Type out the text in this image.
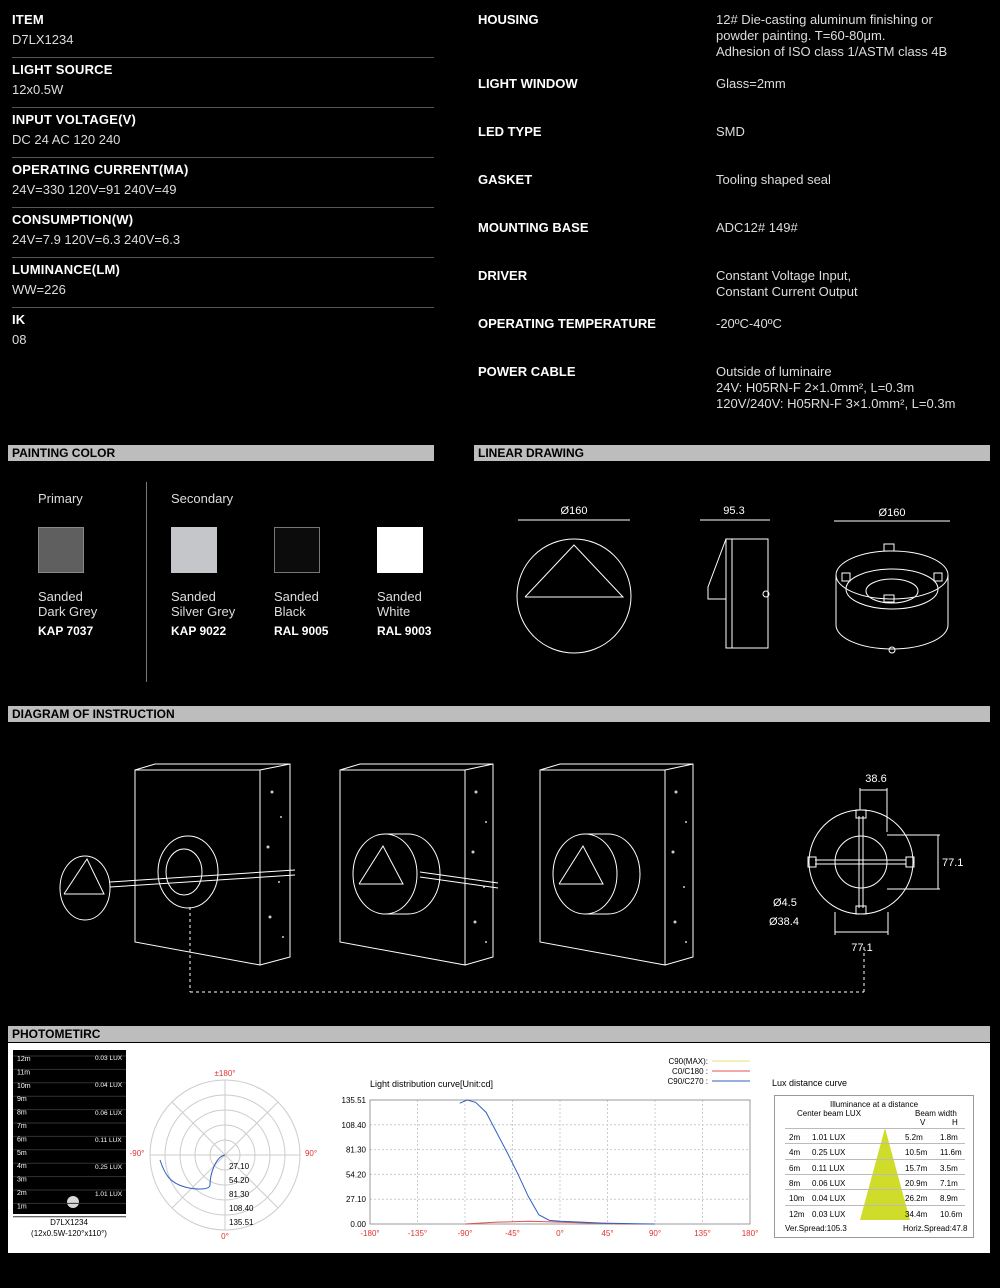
ITEM
D7LX1234
LIGHT SOURCE
12x0.5W
INPUT VOLTAGE(V)
DC 24 AC 120 240
OPERATING CURRENT(MA)
24V=330 120V=91 240V=49
CONSUMPTION(W)
24V=7.9 120V=6.3 240V=6.3
LUMINANCE(LM)
WW=226
IK
08
HOUSING	12# Die-casting aluminum finishing or
powder painting. T=60-80μm.
Adhesion of ISO class 1/ASTM class 4B
LIGHT WINDOW	Glass=2mm
LED TYPE	SMD
GASKET	Tooling shaped seal
MOUNTING BASE	ADC12# 149#
DRIVER	Constant Voltage Input,
Constant Current Output
OPERATING TEMPERATURE	-20ºC-40ºC
POWER CABLE	Outside of luminaire
24V: H05RN-F 2×1.0mm², L=0.3m
120V/240V: H05RN-F 3×1.0mm², L=0.3m
PAINTING COLOR	LINEAR DRAWING
DIAGRAM OF INSTRUCTION
PHOTOMETIRC
Primary	Secondary
Sanded
Dark Grey
KAP 7037
Sanded
Silver Grey
KAP 9022
Sanded
Black
RAL 9005
Sanded
White
RAL 9003
Ø160	95.3	Ø160
38.6
77.1
77.1
Ø4.5
Ø38.4
12m
11m
10m
9m
8m
7m
6m
5m
4m
3m
2m
1m
0.03 LUX
0.04 LUX
0.06 LUX
0.11 LUX
0.25 LUX
1.01 LUX
D7LX1234
(12x0.5W-120°x110°)
±180°
-90°	90°
0°
27.10
54.20
81.30
108.40
135.51
Light distribution curve[Unit:cd]
C90(MAX):
C0/C180 :
C90/C270 :
0.00
27.10
54.20
81.30
108.40
135.51
-180°	-135°	-90°	-45°	0°	45°	90°	135°	180°
Lux distance curve
Illuminance at a distance
Center beam LUX	Beam width
V	H
2m 1.01 LUX	5.2m 1.8m
4m 0.25 LUX	10.5m 11.6m
6m 0.11 LUX	15.7m 3.5m
8m 0.06 LUX	20.9m 7.1m
10m 0.04 LUX	26.2m 8.9m
12m 0.03 LUX	34.4m 10.6m
Ver.Spread:105.3	Horiz.Spread:47.8
